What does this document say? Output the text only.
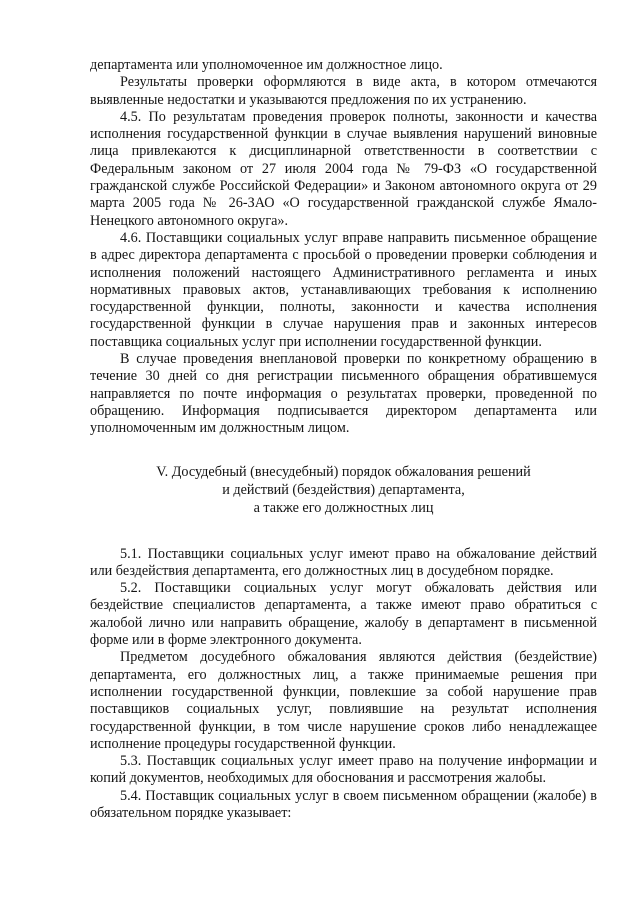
департамента или уполномоченное им должностное лицо.

Результаты проверки оформляются в виде акта, в котором отмечаются выявленные недостатки и указываются предложения по их устранению.

4.5. По результатам проведения проверок полноты, законности и качества исполнения государственной функции в случае выявления нарушений виновные лица привлекаются к дисциплинарной ответственности в соответствии с Федеральным законом от 27 июля 2004 года № 79-ФЗ «О государственной гражданской службе Российской Федерации» и Законом автономного округа от 29 марта 2005 года № 26-ЗАО «О государственной гражданской службе Ямало-Ненецкого автономного округа».

4.6. Поставщики социальных услуг вправе направить письменное обращение в адрес директора департамента с просьбой о проведении проверки соблюдения и исполнения положений настоящего Административного регламента и иных нормативных правовых актов, устанавливающих требования к исполнению государственной функции, полноты, законности и качества исполнения государственной функции в случае нарушения прав и законных интересов поставщика социальных услуг при исполнении государственной функции.

В случае проведения внеплановой проверки по конкретному обращению в течение 30 дней со дня регистрации письменного обращения обратившемуся направляется по почте информация о результатах проверки, проведенной по обращению. Информация подписывается директором департамента или уполномоченным им должностным лицом.

V. Досудебный (внесудебный) порядок обжалования решений
и действий (бездействия) департамента,
а также его должностных лиц

5.1. Поставщики социальных услуг имеют право на обжалование действий или бездействия департамента, его должностных лиц в досудебном порядке.

5.2. Поставщики социальных услуг могут обжаловать действия или бездействие специалистов департамента, а также имеют право обратиться с жалобой лично или направить обращение, жалобу в департамент в письменной форме или в форме электронного документа.

Предметом досудебного обжалования являются действия (бездействие) департамента, его должностных лиц, а также принимаемые решения при исполнении государственной функции, повлекшие за собой нарушение прав поставщиков социальных услуг, повлиявшие на результат исполнения государственной функции, в том числе нарушение сроков либо ненадлежащее исполнение процедуры государственной функции.

5.3. Поставщик социальных услуг имеет право на получение информации и копий документов, необходимых для обоснования и рассмотрения жалобы.

5.4. Поставщик социальных услуг в своем письменном обращении (жалобе) в обязательном порядке указывает:
